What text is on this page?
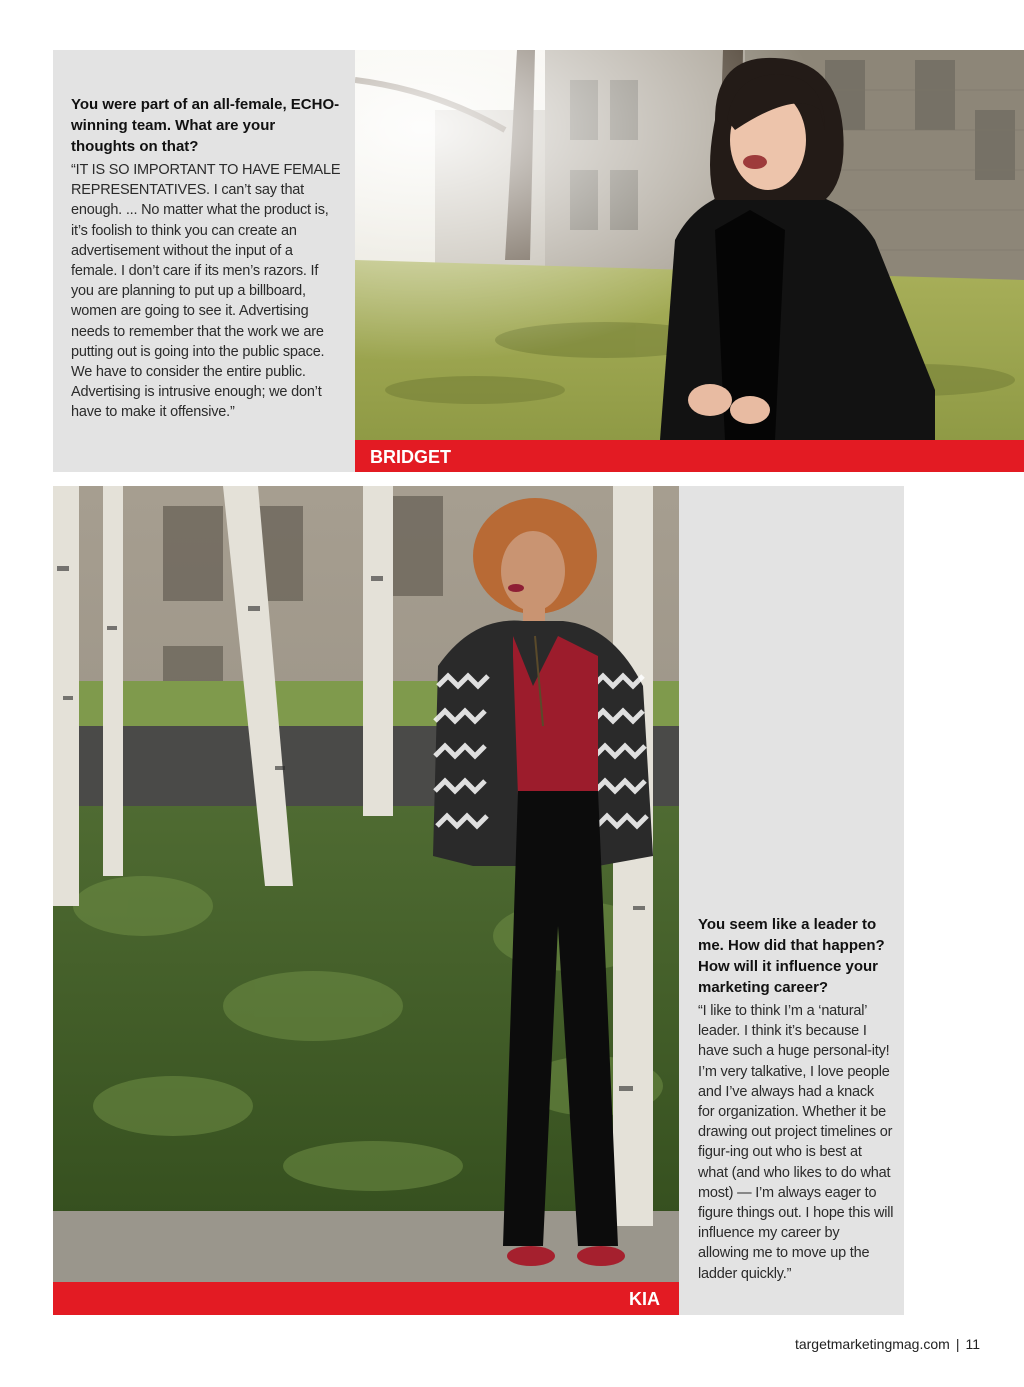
You were part of an all-female, ECHO-winning team. What are your thoughts on that?

“IT IS SO IMPORTANT TO HAVE FEMALE REPRESENTATIVES. I can’t say that enough. ... No matter what the product is, it’s foolish to think you can create an advertisement without the input of a female. I don’t care if its men’s razors. If you are planning to put up a billboard, women are going to see it. Advertising needs to remember that the work we are putting out is going into the public space. We have to consider the entire public. Advertising is intrusive enough; we don’t have to make it offensive.”

BRIDGET

You seem like a leader to me. How did that happen? How will it influence your marketing career?

“I like to think I’m a ‘natural’ leader. I think it’s because I have such a huge personal-ity! I’m very talkative, I love people and I’ve always had a knack for organization. Whether it be drawing out project timelines or figur-ing out who is best at what (and who likes to do what most) — I’m always eager to figure things out. I hope this will influence my career by allowing me to move up the ladder quickly.”

KIA
targetmarketingmag.com | 11
